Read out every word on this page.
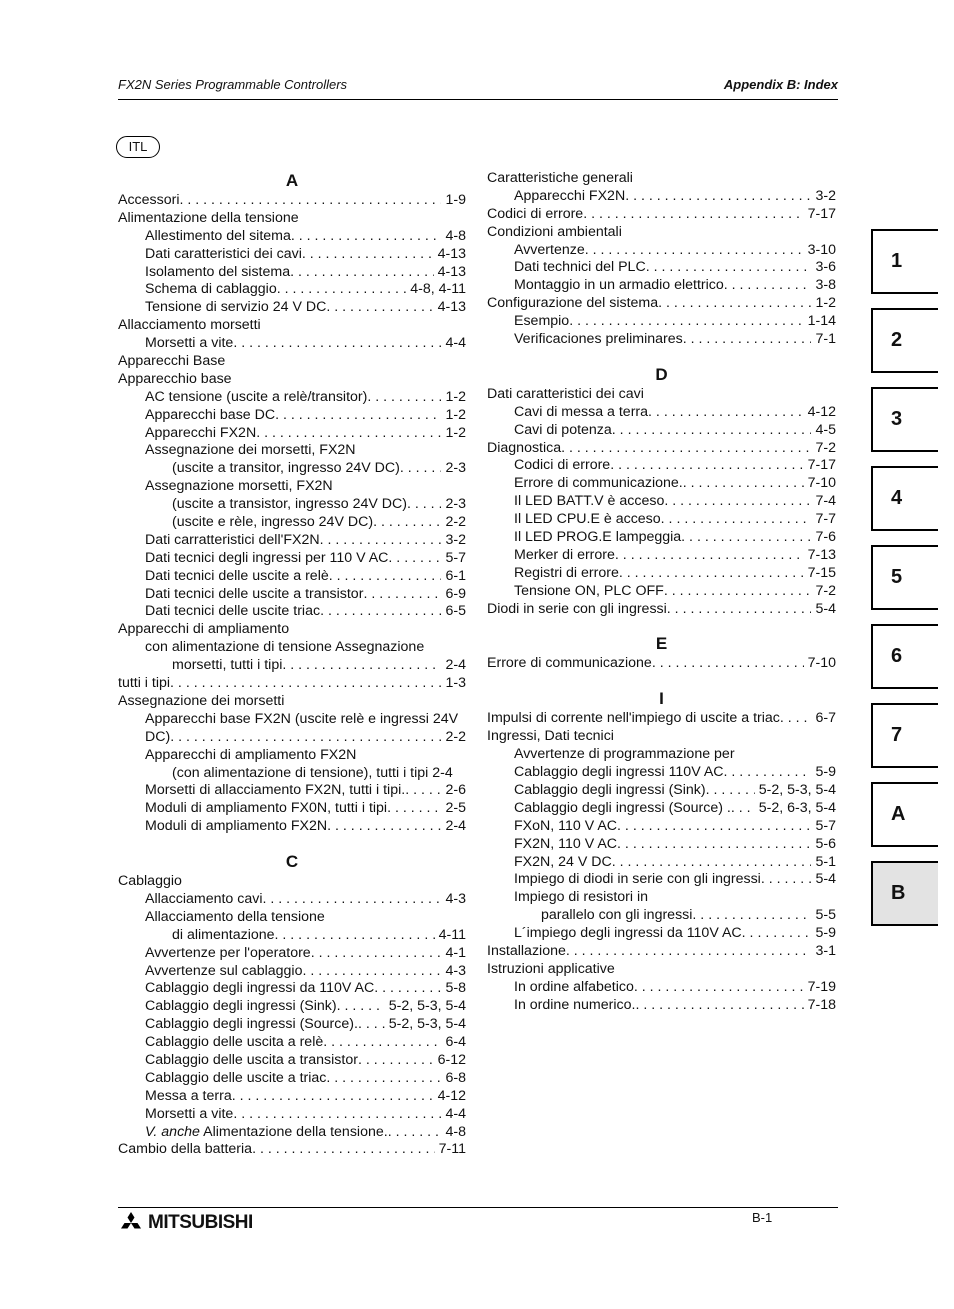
FX2N Series Programmable Controllers	Appendix B: Index
ITL
A
Accessori . . .	1-9
Alimentazione della tensione
Allestimento del sitema . . .	4-8
Dati caratteristici dei cavi . . .	4-13
Isolamento del sistema . . .	4-13
Schema di cablaggio . . .	4-8, 4-11
Tensione di servizio 24 V DC . . .	4-13
Allacciamento morsetti
Morsetti a vite . . .	4-4
Apparecchi Base
Apparecchio base
AC tensione (uscite a relè/transitor) . . .	1-2
Apparecchi base DC . . .	1-2
Apparecchi FX2N . . .	1-2
Assegnazione dei morsetti, FX2N
(uscite a transitor, ingresso 24V DC) . . .	2-3
Assegnazione morsetti, FX2N
(uscite a transistor, ingresso 24V DC) . . .	2-3
(uscite e rèle, ingresso 24V DC) . . .	2-2
Dati carratteristici dell'FX2N . . .	3-2
Dati tecnici degli ingressi per 110 V AC . . .	5-7
Dati tecnici delle uscite a relè . . .	6-1
Dati tecnici delle uscite a transistor . . .	6-9
Dati tecnici delle uscite triac . . .	6-5
Apparecchi di ampliamento
con alimentazione di tensione Assegnazione
morsetti, tutti i tipi . . .	2-4
tutti i tipi . . .	1-3
Assegnazione dei morsetti
Apparecchi base FX2N (uscite relè e ingressi 24V
DC) . . .	2-2
Apparecchi di ampliamento FX2N
(con alimentazione di tensione), tutti i tipi 2-4
Morsetti di allacciamento FX2N, tutti i tipi. . . .	2-6
Moduli di ampliamento FX0N, tutti i tipi . . .	2-5
Moduli di ampliamento FX2N . . .	2-4
C
Cablaggio
Allacciamento cavi . . .	4-3
Allacciamento della tensione
di alimentazione . . .	4-11
Avvertenze per l'operatore . . .	4-1
Avvertenze sul cablaggio . . .	4-3
Cablaggio degli ingressi da 110V AC . . .	5-8
Cablaggio degli ingressi (Sink) . . .	5-2, 5-3, 5-4
Cablaggio degli ingressi (Source). . . . 5-2, 5-3, 5-4
Cablaggio delle uscita a relè . . .	6-4
Cablaggio delle uscita a transistor . . .	6-12
Cablaggio delle uscite a triac . . .	6-8
Messa a terra . . .	4-12
Morsetti a vite . . .	4-4
V. anche Alimentazione della tensione. . . .	4-8
Cambio della batteria . . .	7-11
Caratteristiche generali
Apparecchi FX2N . . .	3-2
Codici di errore . . .	7-17
Condizioni ambientali
Avvertenze . . .	3-10
Dati technici del PLC . . .	3-6
Montaggio in un armadio elettrico . . .	3-8
Configurazione del sistema . . .	1-2
Esempio . . .	1-14
Verificaciones preliminares . . .	7-1
D
Dati caratteristici dei cavi
Cavi di messa a terra . . .	4-12
Cavi di potenza . . .	4-5
Diagnostica . . .	7-2
Codici di errore . . .	7-17
Errore di communicazione. . . .	7-10
Il LED BATT.V è acceso . . .	7-4
Il LED CPU.E è acceso . . .	7-7
Il LED PROG.E lampeggia . . .	7-6
Merker di errore . . .	7-13
Registri di errore . . .	7-15
Tensione ON, PLC OFF . . .	7-2
Diodi in serie con gli ingressi . . .	5-4
E
Errore di communicazione . . .	7-10
I
Impulsi di corrente nell'impiego di uscite a triac . . .	6-7
Ingressi, Dati tecnici
Avvertenze di programmazione per
Cablaggio degli ingressi 110V AC . . .	5-9
Cablaggio degli ingressi (Sink) . . .	5-2, 5-3, 5-4
Cablaggio degli ingressi (Source) . . . . 5-2, 6-3, 5-4
FXoN, 110 V AC . . .	5-7
FX2N, 110 V AC . . .	5-6
FX2N, 24 V DC . . .	5-1
Impiego di diodi in serie con gli ingressi . . .	5-4
Impiego di resistori in
parallelo con gli ingressi . . .	5-5
L´impiego degli ingressi da 110V AC . . .	5-9
Installazione . . .	3-1
Istruzioni applicative
In ordine alfabetico . . .	7-19
In ordine numerico. . . .	7-18
1
2
3
4
5
6
7
A
B
MITSUBISHI	B-1
